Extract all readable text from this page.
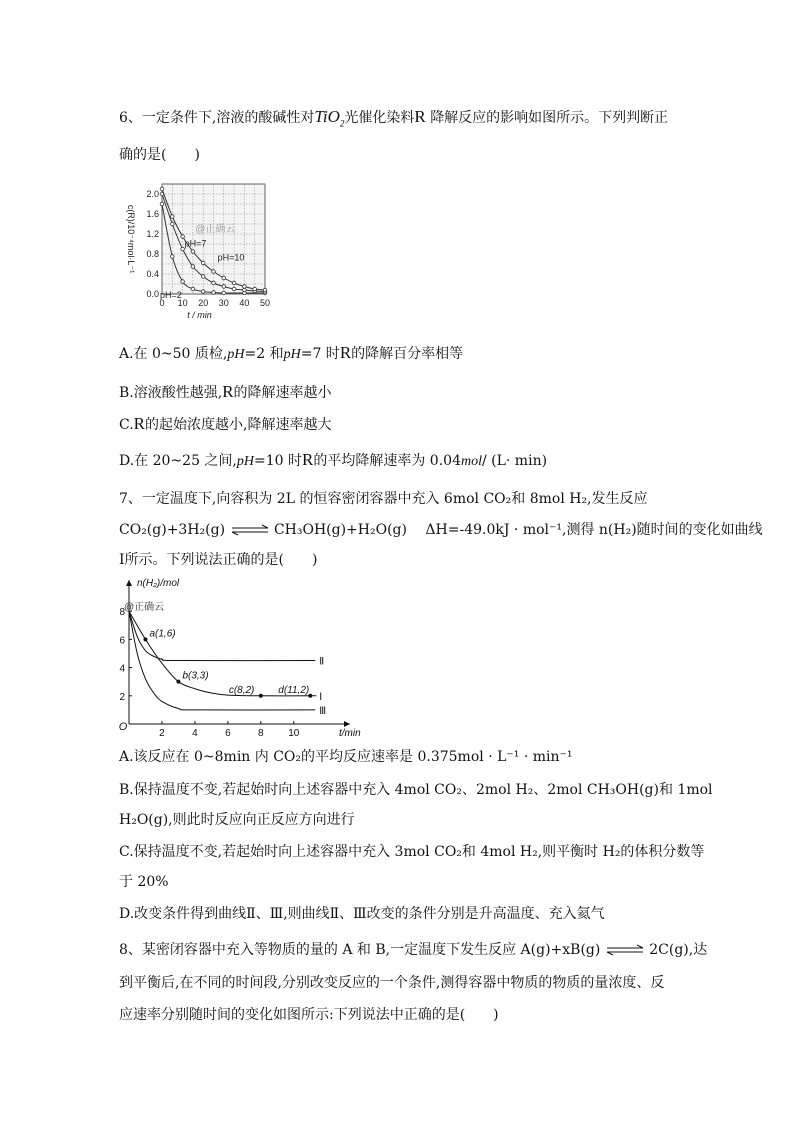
6、一定条件下,溶液的酸碱性对TiO$_2$光催化染料R 降解反应的影响如图所示。下列判断正
确的是(　　)
0 10 20 30 40 50
0.0
0.4
0.8
1.2
1.6
2.0
t / min
c(R)/10⁻⁴mol·L⁻¹	@正确云
pH=2
pH=7
pH=10
A.在 0~50 质检,pH=2 和pH=7 时R的降解百分率相等
B.溶液酸性越强,R的降解速率越小
C.R的起始浓度越小,降解速率越大
D.在 20~25 之间,pH=10 时R的平均降解速率为 0.04mol/ (L· min)
7、一定温度下,向容积为 2L 的恒容密闭容器中充入 6mol CO₂和 8mol H₂,发生反应
CO₂(g)+3H₂(g) ⇌ CH₃OH(g)+H₂O(g)　 ΔH=-49.0kJ · mol⁻¹,测得 n(H₂)随时间的变化如曲线
Ⅰ所示。下列说法正确的是(　　)
2	4	6	8 10
2
4
6
8
O
n(H₂)/mol
t/min
@正确云
Ⅰ
Ⅱ
Ⅲ
a(1,6)
b(3,3)
c(8,2) d(11,2)
A.该反应在 0~8min 内 CO₂的平均反应速率是 0.375mol · L⁻¹ · min⁻¹
B.保持温度不变,若起始时向上述容器中充入 4mol CO₂、2mol H₂、2mol CH₃OH(g)和 1mol
H₂O(g),则此时反应向正反应方向进行
C.保持温度不变,若起始时向上述容器中充入 3mol CO₂和 4mol H₂,则平衡时 H₂的体积分数等
于 20%
D.改变条件得到曲线Ⅱ、Ⅲ,则曲线Ⅱ、Ⅲ改变的条件分别是升高温度、充入氦气
8、某密闭容器中充入等物质的量的 A 和 B,一定温度下发生反应 A(g)+xB(g) ⇌ 2C(g),达
到平衡后,在不同的时间段,分别改变反应的一个条件,测得容器中物质的物质的量浓度、反
应速率分别随时间的变化如图所示:下列说法中正确的是(　　)
